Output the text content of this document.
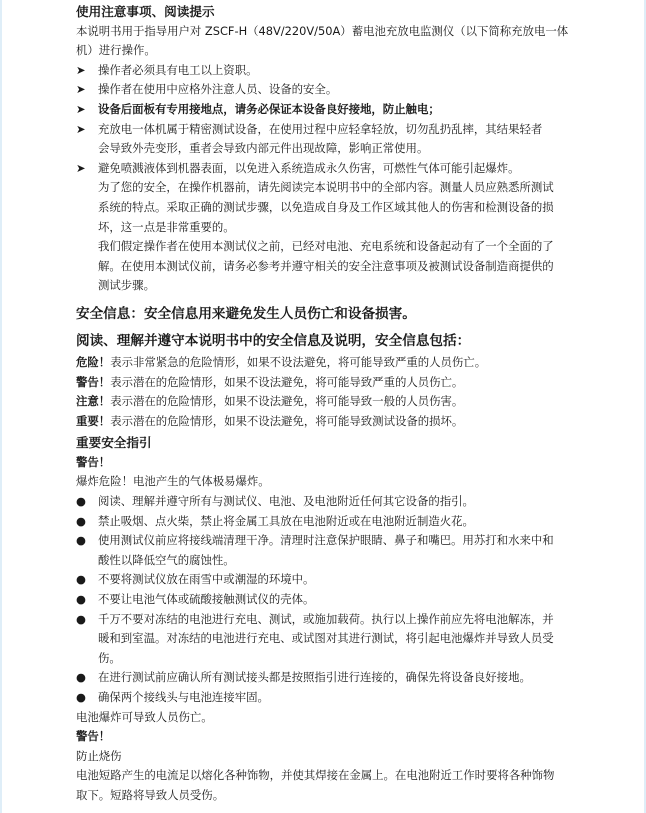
使用注意事项、阅读提示
本说明书用于指导用户对 ZSCF-H（48V/220V/50A）蓄电池充放电监测仪（以下简称充放电一体
机）进行操作。
➤	操作者必须具有电工以上资职。
➤	操作者在使用中应格外注意人员、设备的安全。
➤	设备后面板有专用接地点，请务必保证本设备良好接地，防止触电；
➤	充放电一体机属于精密测试设备，在使用过程中应轻拿轻放，切勿乱扔乱摔，其结果轻者
会导致外壳变形，重者会导致内部元件出现故障，影响正常使用。
➤	避免喷溅液体到机器表面，以免进入系统造成永久伤害，可燃性气体可能引起爆炸。
为了您的安全，在操作机器前，请先阅读完本说明书中的全部内容。测量人员应熟悉所测试
系统的特点。采取正确的测试步骤，以免造成自身及工作区域其他人的伤害和检测设备的损
坏，这一点是非常重要的。
我们假定操作者在使用本测试仪之前，已经对电池、充电系统和设备起动有了一个全面的了
解。在使用本测试仪前，请务必参考并遵守相关的安全注意事项及被测试设备制造商提供的
测试步骤。
安全信息：安全信息用来避免发生人员伤亡和设备损害。
阅读、理解并遵守本说明书中的安全信息及说明，安全信息包括：
危险！表示非常紧急的危险情形，如果不设法避免，将可能导致严重的人员伤亡。
警告！表示潜在的危险情形，如果不设法避免，将可能导致严重的人员伤亡。
注意！表示潜在的危险情形，如果不设法避免，将可能导致一般的人员伤害。
重要！表示潜在的危险情形，如果不设法避免，将可能导致测试设备的损坏。
重要安全指引
警告！
爆炸危险！电池产生的气体极易爆炸。
●	阅读、理解并遵守所有与测试仪、电池、及电池附近任何其它设备的指引。
●	禁止吸烟、点火柴，禁止将金属工具放在电池附近或在电池附近制造火花。
●	使用测试仪前应将接线端清理干净。清理时注意保护眼睛、鼻子和嘴巴。用苏打和水来中和
酸性以降低空气的腐蚀性。
●	不要将测试仪放在雨雪中或潮湿的环境中。
●	不要让电池气体或硫酸接触测试仪的壳体。
●	千万不要对冻结的电池进行充电、测试，或施加载荷。执行以上操作前应先将电池解冻，并
暖和到室温。对冻结的电池进行充电、或试图对其进行测试，将引起电池爆炸并导致人员受
伤。
●	在进行测试前应确认所有测试接头都是按照指引进行连接的，确保先将设备良好接地。
●	确保两个接线头与电池连接牢固。
电池爆炸可导致人员伤亡。
警告！
防止烧伤
电池短路产生的电流足以熔化各种饰物，并使其焊接在金属上。在电池附近工作时要将各种饰物
取下。短路将导致人员受伤。
